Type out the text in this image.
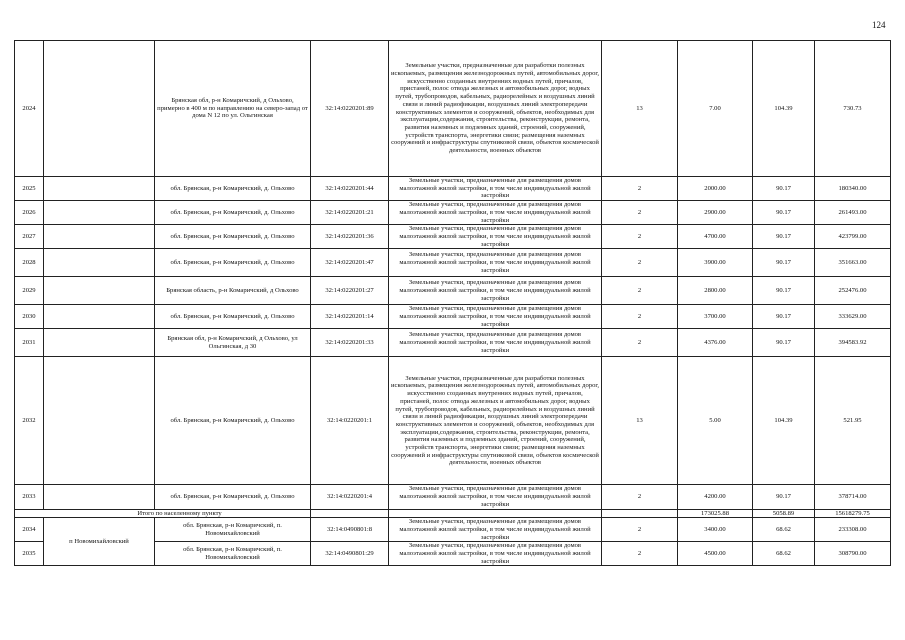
124
2024		Брянская обл, р-н Комаричский, д Ольхово, примерно в 400 м по направлению на северо-запад от дома N 12 по ул. Ольгинская	32:14:0220201:89	Земельные участки, предназначенные для разработки полезных ископаемых, размещения железнодорожных путей, автомобильных дорог, искусственно созданных внутренних водных путей, причалов, пристаней, полос отвода железных и автомобильных дорог, водных путей, трубопроводов, кабельных, радиорелейных и воздушных линий связи и линий радиофикации, воздушных линий электропередачи конструктивных элементов и сооружений, объектов, необходимых для эксплуатации,содержания, строительства, реконструкции, ремонта, развития наземных и подземных зданий, строений, сооружений, устройств транспорта, энергетики связи; размещения наземных сооружений и инфраструктуры спутниковой связи, объектов космической деятельности, военных объектов	13	7.00	104.39	730.73
2025		обл. Брянская, р-н Комаричский, д. Ольхово	32:14:0220201:44	Земельные участки, предназначенные для размещения домов малоэтажной жилой застройки, в том числе индивидуальной жилой застройки	2	2000.00	90.17	180340.00
2026		обл. Брянская, р-н Комаричский, д. Ольхово	32:14:0220201:21	Земельные участки, предназначенные для размещения домов малоэтажной жилой застройки, в том числе индивидуальной жилой застройки	2	2900.00	90.17	261493.00
2027		обл. Брянская, р-н Комаричский, д. Ольхово	32:14:0220201:36	Земельные участки, предназначенные для размещения домов малоэтажной жилой застройки, в том числе индивидуальной жилой застройки	2	4700.00	90.17	423799.00
2028		обл. Брянская, р-н Комаричский, д. Ольхово	32:14:0220201:47	Земельные участки, предназначенные для размещения домов малоэтажной жилой застройки, в том числе индивидуальной жилой застройки	2	3900.00	90.17	351663.00
2029		Брянская область, р-н Комаричский, д Ольхово	32:14:0220201:27	Земельные участки, предназначенные для размещения домов малоэтажной жилой застройки, в том числе индивидуальной жилой застройки	2	2800.00	90.17	252476.00
2030		обл. Брянская, р-н Комаричский, д. Ольхово	32:14:0220201:14	Земельные участки, предназначенные для размещения домов малоэтажной жилой застройки, в том числе индивидуальной жилой застройки	2	3700.00	90.17	333629.00
2031		Брянская обл, р-н Комаричский, д Ольхово, ул Ольгинская, д 30	32:14:0220201:33	Земельные участки, предназначенные для размещения домов малоэтажной жилой застройки, в том числе индивидуальной жилой застройки	2	4376.00	90.17	394583.92
2032		обл. Брянская, р-н Комаричский, д. Ольхово	32:14:0220201:1	Земельные участки, предназначенные для разработки полезных ископаемых, размещения железнодорожных путей, автомобильных дорог, искусственно созданных внутренних водных путей, причалов, пристаней, полос отвода железных и автомобильных дорог, водных путей, трубопроводов, кабельных, радиорелейных и воздушных линий связи и линий радиофикации, воздушных линий электропередачи конструктивных элементов и сооружений, объектов, необходимых для эксплуатации,содержания, строительства, реконструкции, ремонта, развития наземных и подземных зданий, строений, сооружений, устройств транспорта, энергетики связи; размещения наземных сооружений и инфраструктуры спутниковой связи, объектов космической деятельности, военных объектов	13	5.00	104.39	521.95
2033		обл. Брянская, р-н Комаричский, д. Ольхово	32:14:0220201:4	Земельные участки, предназначенные для размещения домов малоэтажной жилой застройки, в том числе индивидуальной жилой застройки	2	4200.00	90.17	378714.00
Итого по населенному пункту						173025.88	5058.89	15618279.75
2034	п Новомихайловский	обл. Брянская, р-н Комаричский, п. Новомихайловский	32:14:0490801:8	Земельные участки, предназначенные для размещения домов малоэтажной жилой застройки, в том числе индивидуальной жилой застройки	2	3400.00	68.62	233308.00
2035		обл. Брянская, р-н Комаричский, п. Новомихайловский	32:14:0490801:29	Земельные участки, предназначенные для размещения домов малоэтажной жилой застройки, в том числе индивидуальной жилой застройки	2	4500.00	68.62	308790.00
